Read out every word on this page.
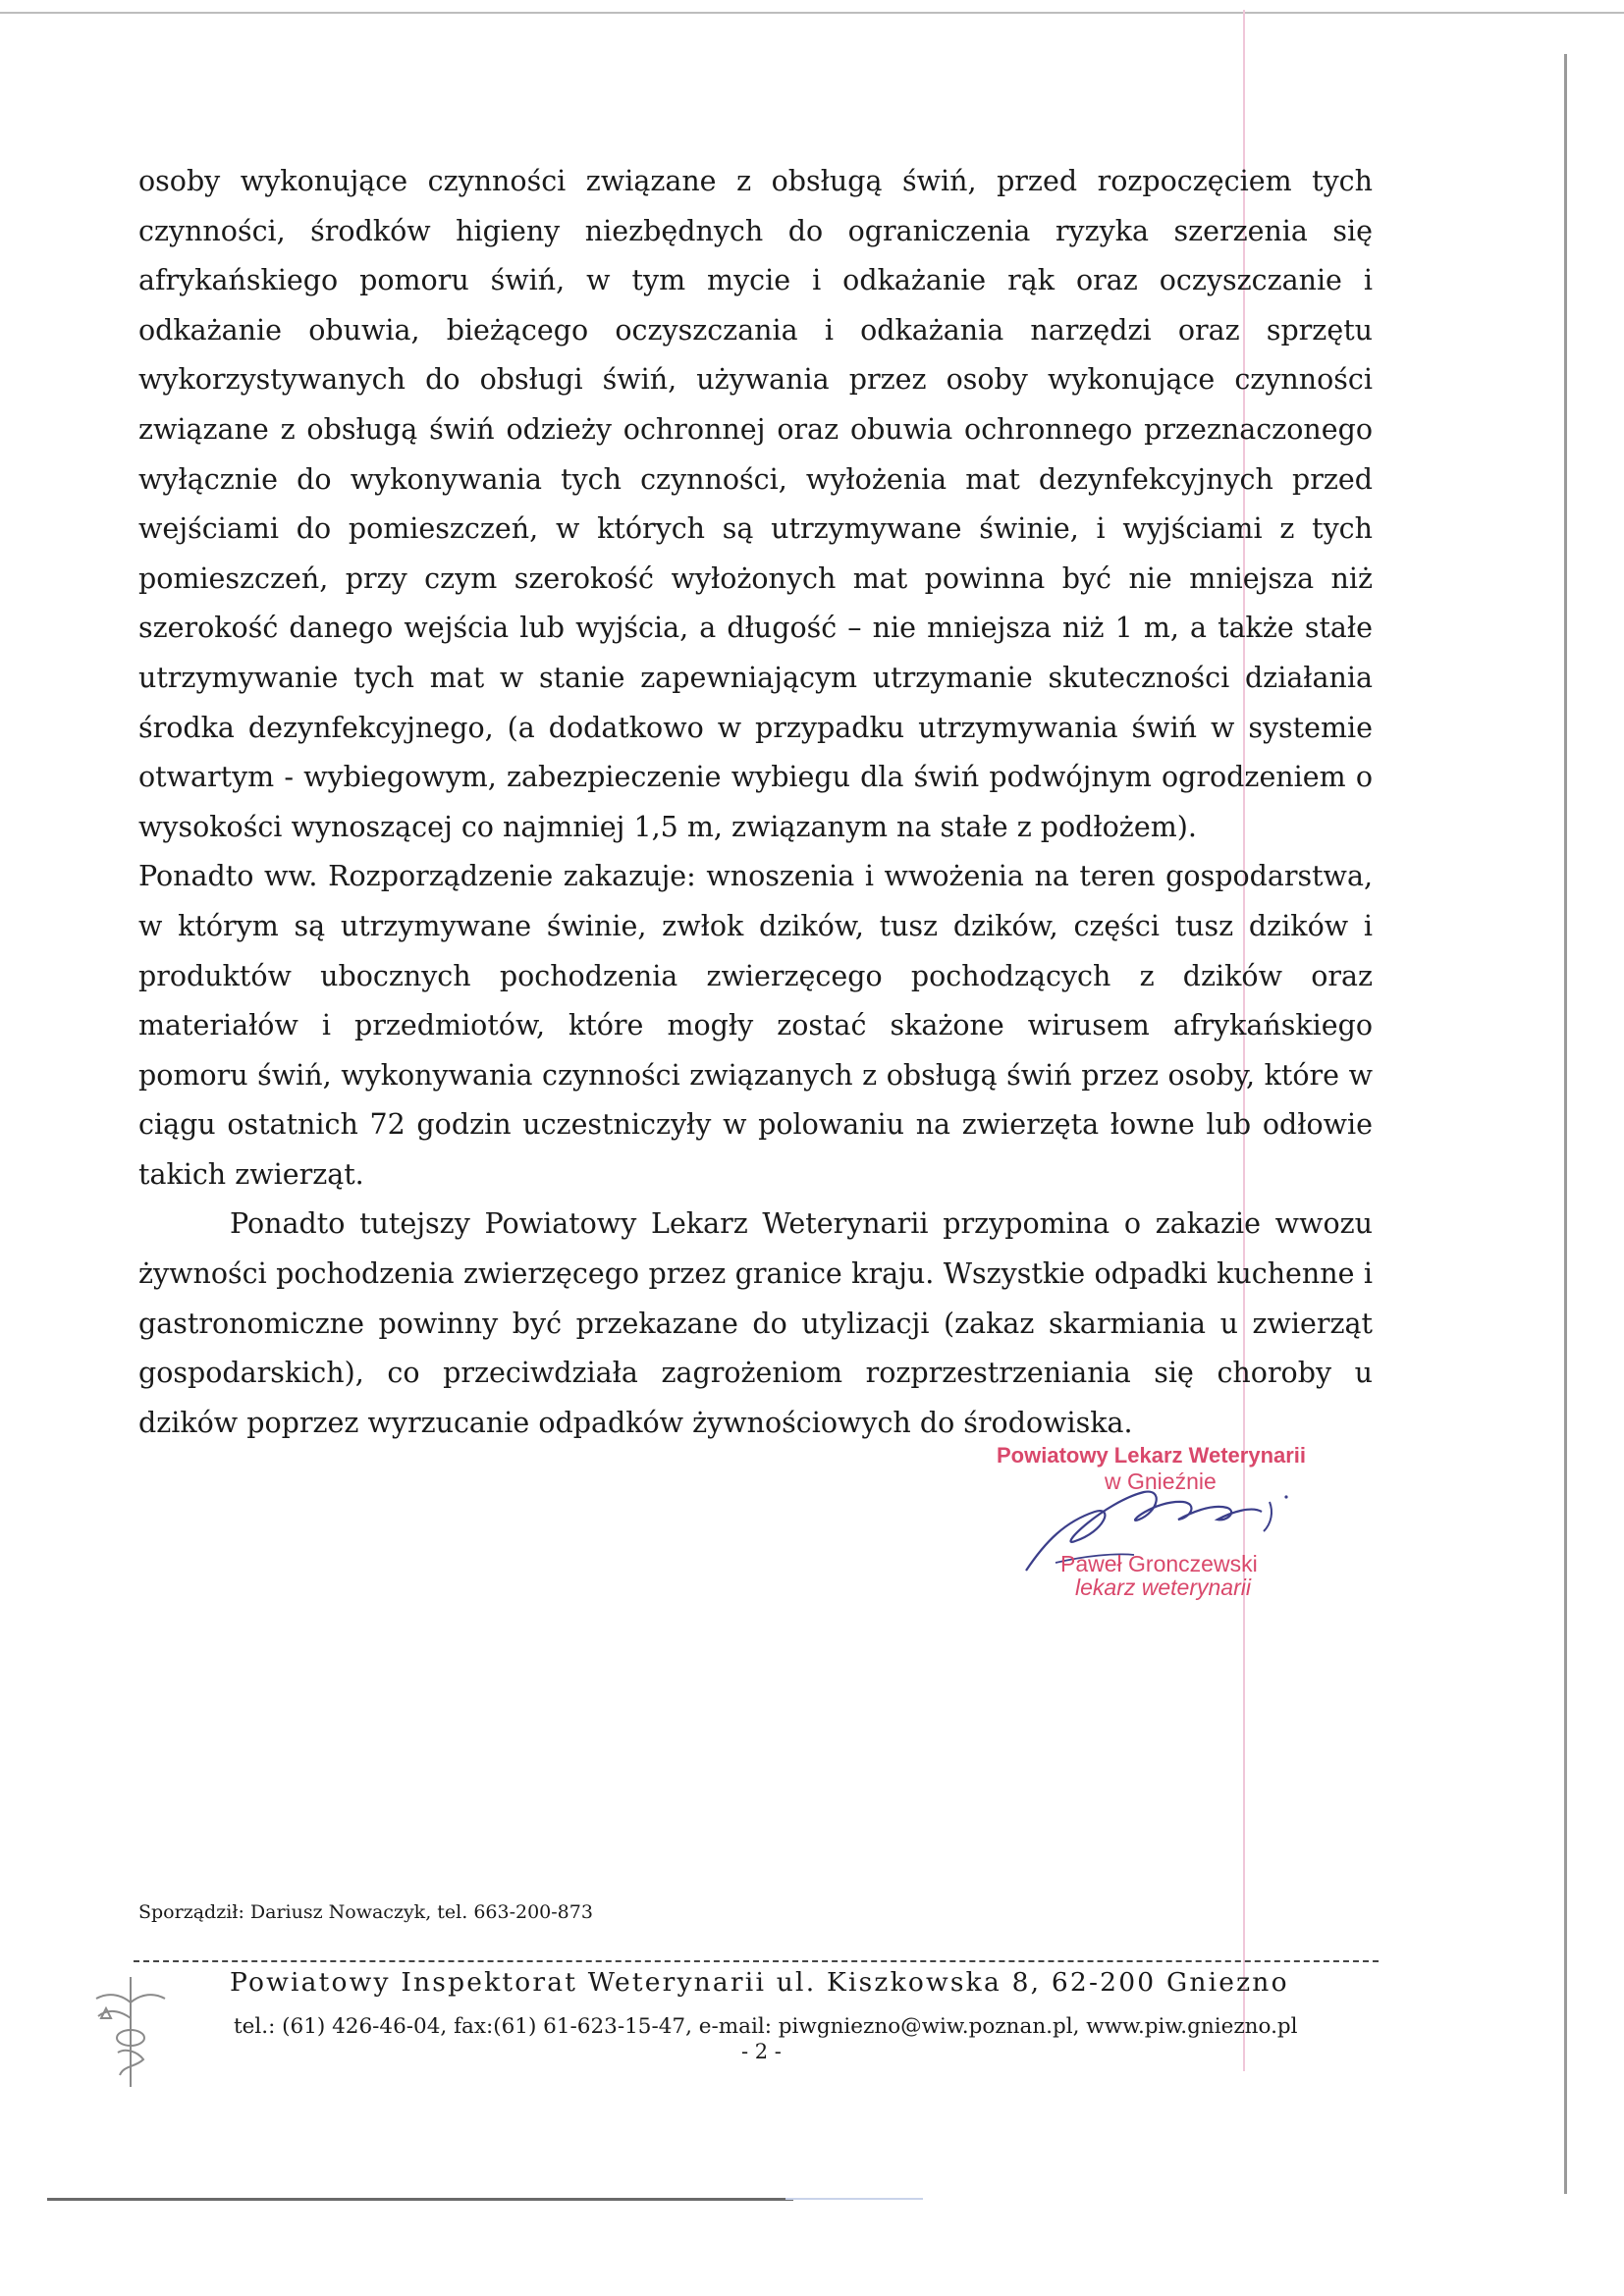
osoby wykonujące czynności związane z obsługą świń, przed rozpoczęciem tych czynności, środków higieny niezbędnych do ograniczenia ryzyka szerzenia się afrykańskiego pomoru świń, w tym mycie i odkażanie rąk oraz oczyszczanie i odkażanie obuwia, bieżącego oczyszczania i odkażania narzędzi oraz sprzętu wykorzystywanych do obsługi świń, używania przez osoby wykonujące czynności związane z obsługą świń odzieży ochronnej oraz obuwia ochronnego przeznaczonego wyłącznie do wykonywania tych czynności, wyłożenia mat dezynfekcyjnych przed wejściami do pomieszczeń, w których są utrzymywane świnie, i wyjściami z tych pomieszczeń, przy czym szerokość wyłożonych mat powinna być nie mniejsza niż szerokość danego wejścia lub wyjścia, a długość – nie mniejsza niż 1 m, a także stałe utrzymywanie tych mat w stanie zapewniającym utrzymanie skuteczności działania środka dezynfekcyjnego, (a dodatkowo w przypadku utrzymywania świń w systemie otwartym - wybiegowym, zabezpieczenie wybiegu dla świń podwójnym ogrodzeniem o wysokości wynoszącej co najmniej 1,5 m, związanym na stałe z podłożem).

Ponadto ww. Rozporządzenie zakazuje: wnoszenia i wwożenia na teren gospodarstwa, w którym są utrzymywane świnie, zwłok dzików, tusz dzików, części tusz dzików i produktów ubocznych pochodzenia zwierzęcego pochodzących z dzików oraz materiałów i przedmiotów, które mogły zostać skażone wirusem afrykańskiego pomoru świń, wykonywania czynności związanych z obsługą świń przez osoby, które w ciągu ostatnich 72 godzin uczestniczyły w polowaniu na zwierzęta łowne lub odłowie takich zwierząt.

Ponadto tutejszy Powiatowy Lekarz Weterynarii przypomina o zakazie wwozu żywności pochodzenia zwierzęcego przez granice kraju. Wszystkie odpadki kuchenne i gastronomiczne powinny być przekazane do utylizacji (zakaz skarmiania u zwierząt gospodarskich), co przeciwdziała zagrożeniom rozprzestrzeniania się choroby u dzików poprzez wyrzucanie odpadków żywnościowych do środowiska.

Powiatowy Lekarz Weterynarii
w Gnieźnie
Paweł Gronczewski
lekarz weterynarii
Sporządził: Dariusz Nowaczyk, tel. 663-200-873
Powiatowy Inspektorat Weterynarii ul. Kiszkowska 8, 62-200 Gniezno
tel.: (61) 426-46-04, fax:(61) 61-623-15-47, e-mail: piwgniezno@wiw.poznan.pl, www.piw.gniezno.pl
- 2 -
